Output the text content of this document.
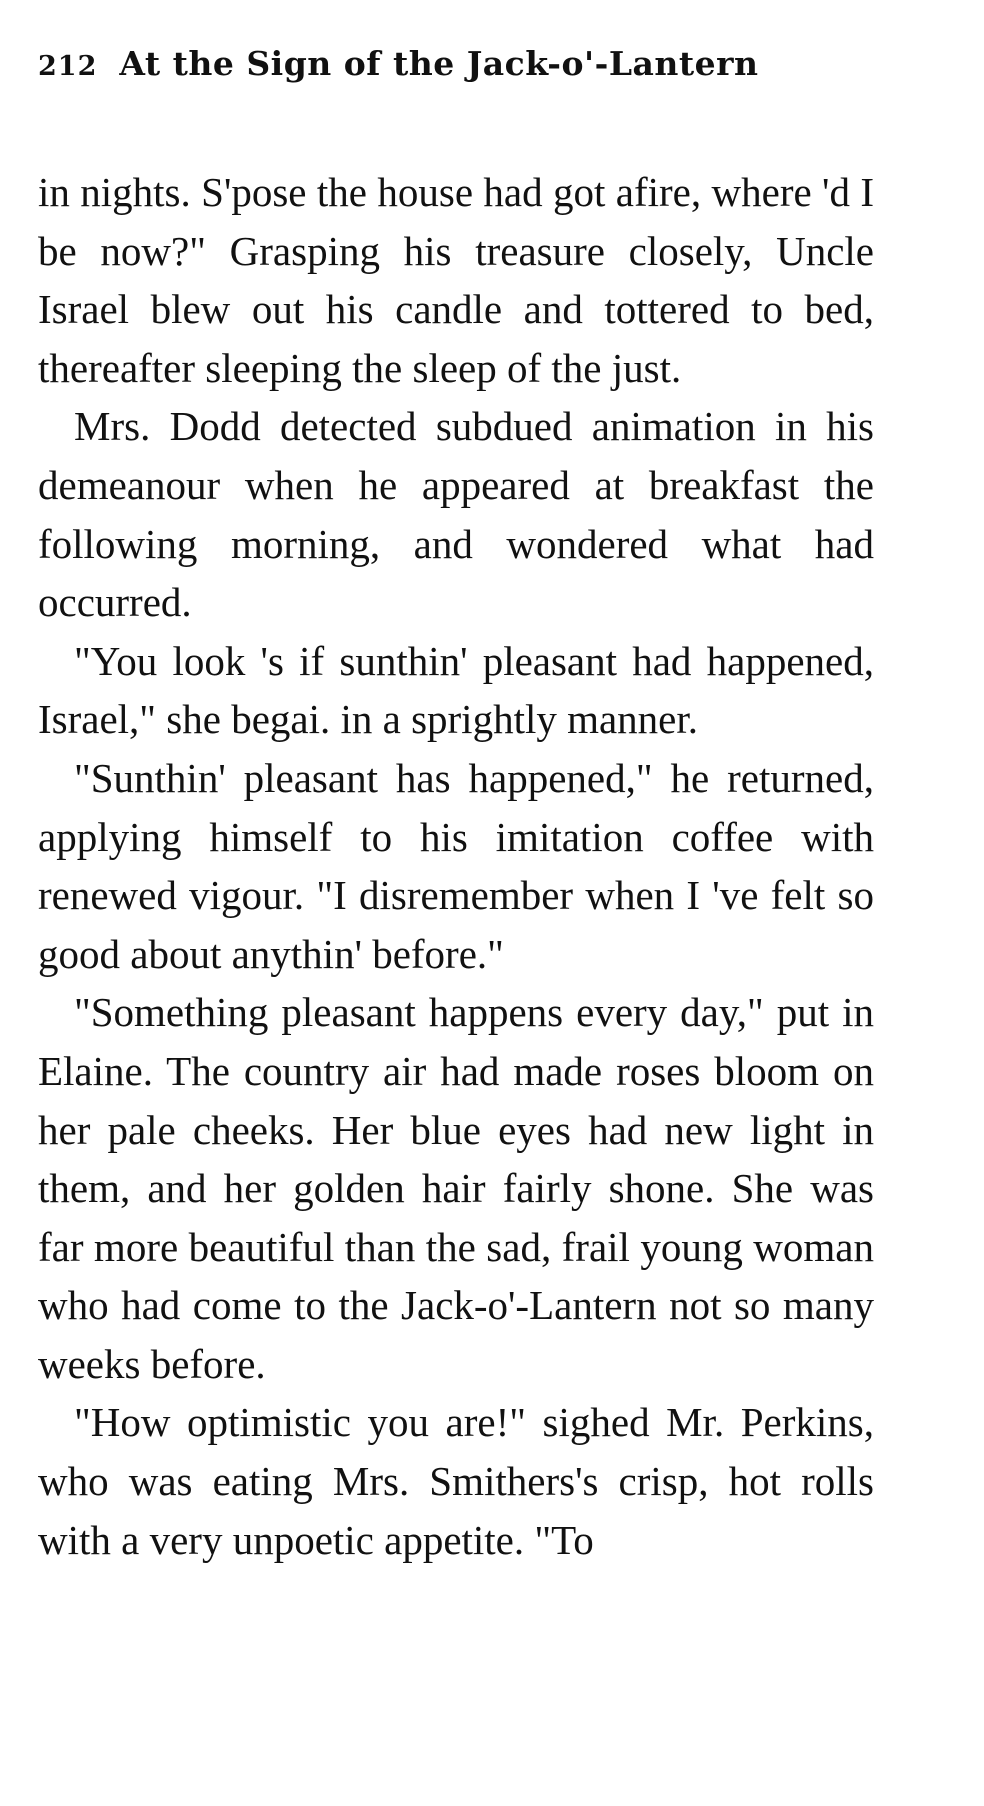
212 At the Sign of the Jack-o'-Lantern

in nights. S'pose the house had got afire, where 'd I be now?" Grasping his treasure closely, Uncle Israel blew out his candle and tottered to bed, thereafter sleeping the sleep of the just.

Mrs. Dodd detected subdued animation in his demeanour when he appeared at breakfast the following morning, and wondered what had occurred.

"You look 's if sunthin' pleasant had happened, Israel," she begai. in a sprightly manner.

"Sunthin' pleasant has happened," he returned, applying himself to his imitation coffee with renewed vigour. "I disremember when I 've felt so good about anythin' before."

"Something pleasant happens every day," put in Elaine. The country air had made roses bloom on her pale cheeks. Her blue eyes had new light in them, and her golden hair fairly shone. She was far more beautiful than the sad, frail young woman who had come to the Jack-o'-Lantern not so many weeks before.

"How optimistic you are!" sighed Mr. Perkins, who was eating Mrs. Smithers's crisp, hot rolls with a very unpoetic appetite. "To
